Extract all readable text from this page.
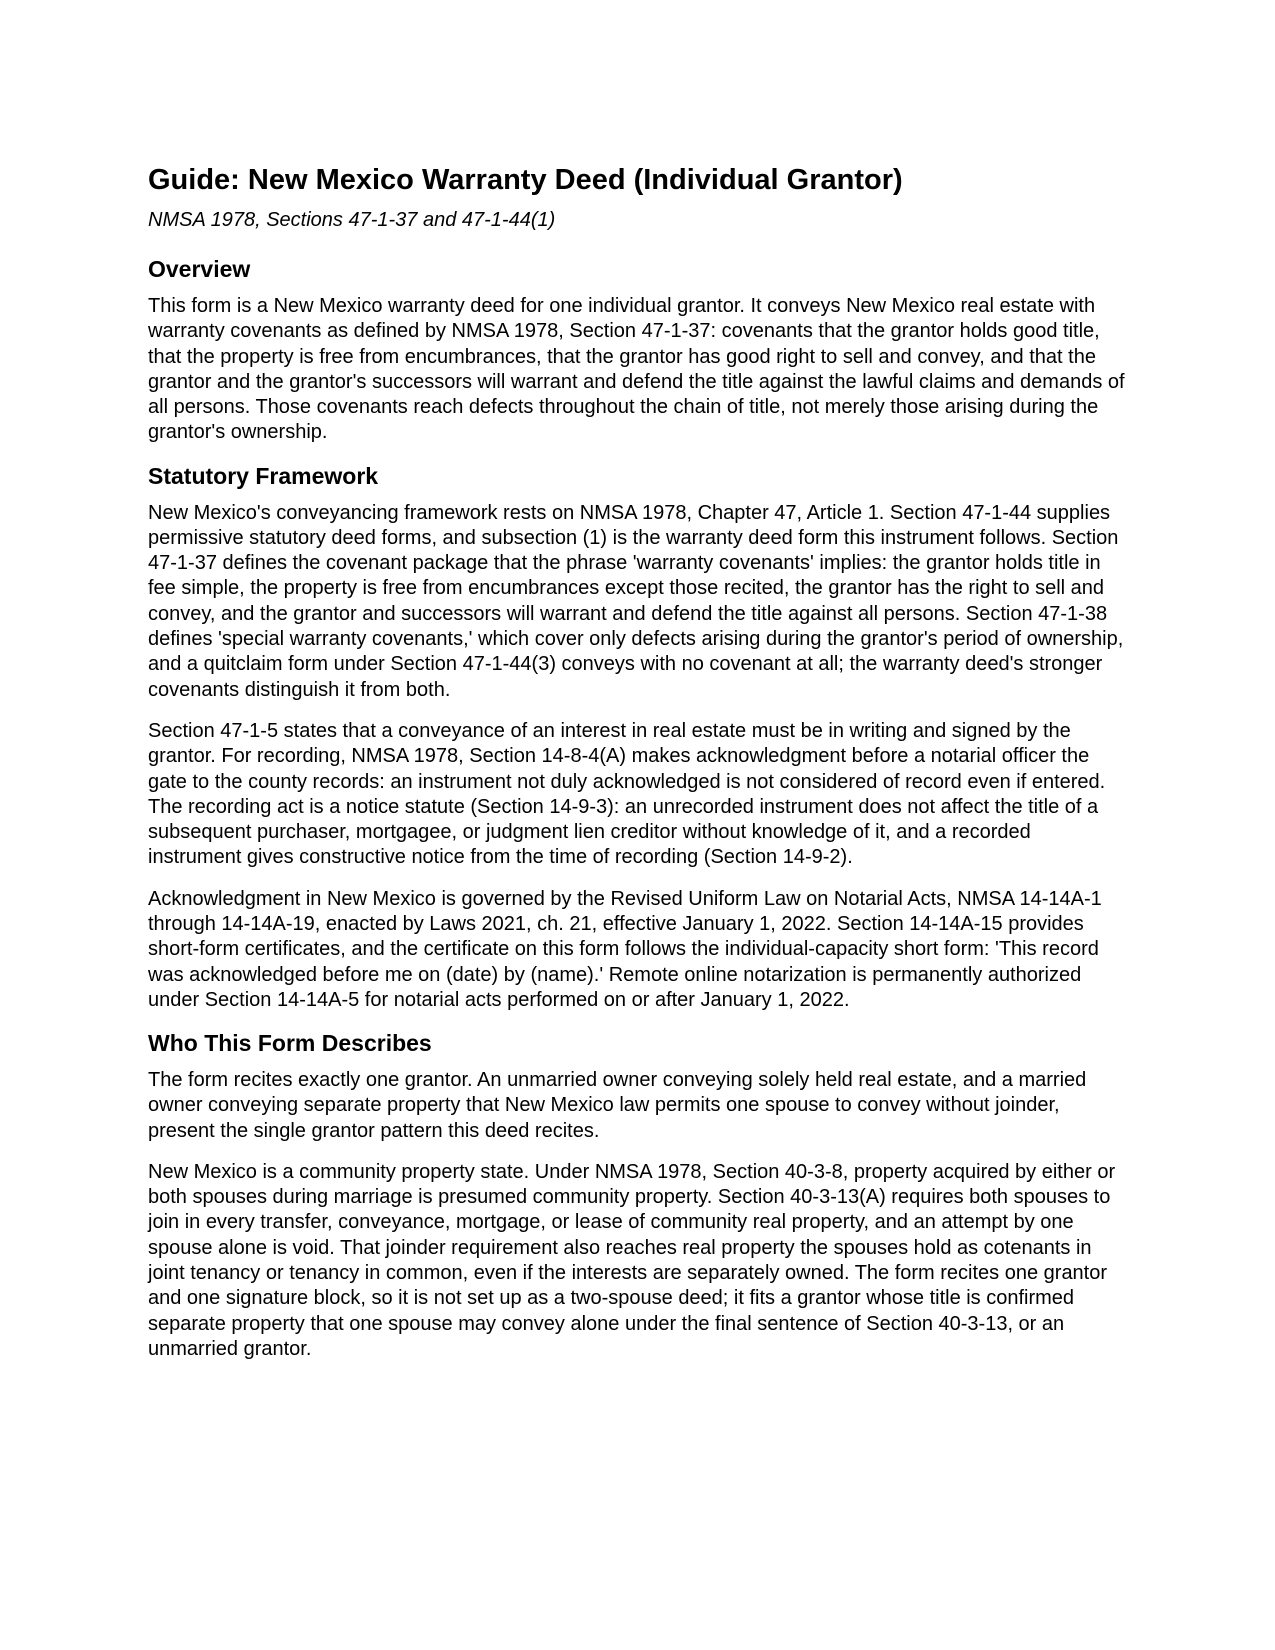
Guide: New Mexico Warranty Deed (Individual Grantor)
NMSA 1978, Sections 47-1-37 and 47-1-44(1)
Overview

This form is a New Mexico warranty deed for one individual grantor. It conveys New Mexico real estate with warranty covenants as defined by NMSA 1978, Section 47-1-37: covenants that the grantor holds good title, that the property is free from encumbrances, that the grantor has good right to sell and convey, and that the grantor and the grantor's successors will warrant and defend the title against the lawful claims and demands of all persons. Those covenants reach defects throughout the chain of title, not merely those arising during the grantor's ownership.

Statutory Framework

New Mexico's conveyancing framework rests on NMSA 1978, Chapter 47, Article 1. Section 47-1-44 supplies permissive statutory deed forms, and subsection (1) is the warranty deed form this instrument follows. Section 47-1-37 defines the covenant package that the phrase 'warranty covenants' implies: the grantor holds title in fee simple, the property is free from encumbrances except those recited, the grantor has the right to sell and convey, and the grantor and successors will warrant and defend the title against all persons. Section 47-1-38 defines 'special warranty covenants,' which cover only defects arising during the grantor's period of ownership, and a quitclaim form under Section 47-1-44(3) conveys with no covenant at all; the warranty deed's stronger covenants distinguish it from both.

Section 47-1-5 states that a conveyance of an interest in real estate must be in writing and signed by the grantor. For recording, NMSA 1978, Section 14-8-4(A) makes acknowledgment before a notarial officer the gate to the county records: an instrument not duly acknowledged is not considered of record even if entered. The recording act is a notice statute (Section 14-9-3): an unrecorded instrument does not affect the title of a subsequent purchaser, mortgagee, or judgment lien creditor without knowledge of it, and a recorded instrument gives constructive notice from the time of recording (Section 14-9-2).

Acknowledgment in New Mexico is governed by the Revised Uniform Law on Notarial Acts, NMSA 14-14A-1 through 14-14A-19, enacted by Laws 2021, ch. 21, effective January 1, 2022. Section 14-14A-15 provides short-form certificates, and the certificate on this form follows the individual-capacity short form: 'This record was acknowledged before me on (date) by (name).' Remote online notarization is permanently authorized under Section 14-14A-5 for notarial acts performed on or after January 1, 2022.

Who This Form Describes

The form recites exactly one grantor. An unmarried owner conveying solely held real estate, and a married owner conveying separate property that New Mexico law permits one spouse to convey without joinder, present the single grantor pattern this deed recites.

New Mexico is a community property state. Under NMSA 1978, Section 40-3-8, property acquired by either or both spouses during marriage is presumed community property. Section 40-3-13(A) requires both spouses to join in every transfer, conveyance, mortgage, or lease of community real property, and an attempt by one spouse alone is void. That joinder requirement also reaches real property the spouses hold as cotenants in joint tenancy or tenancy in common, even if the interests are separately owned. The form recites one grantor and one signature block, so it is not set up as a two-spouse deed; it fits a grantor whose title is confirmed separate property that one spouse may convey alone under the final sentence of Section 40-3-13, or an unmarried grantor.
